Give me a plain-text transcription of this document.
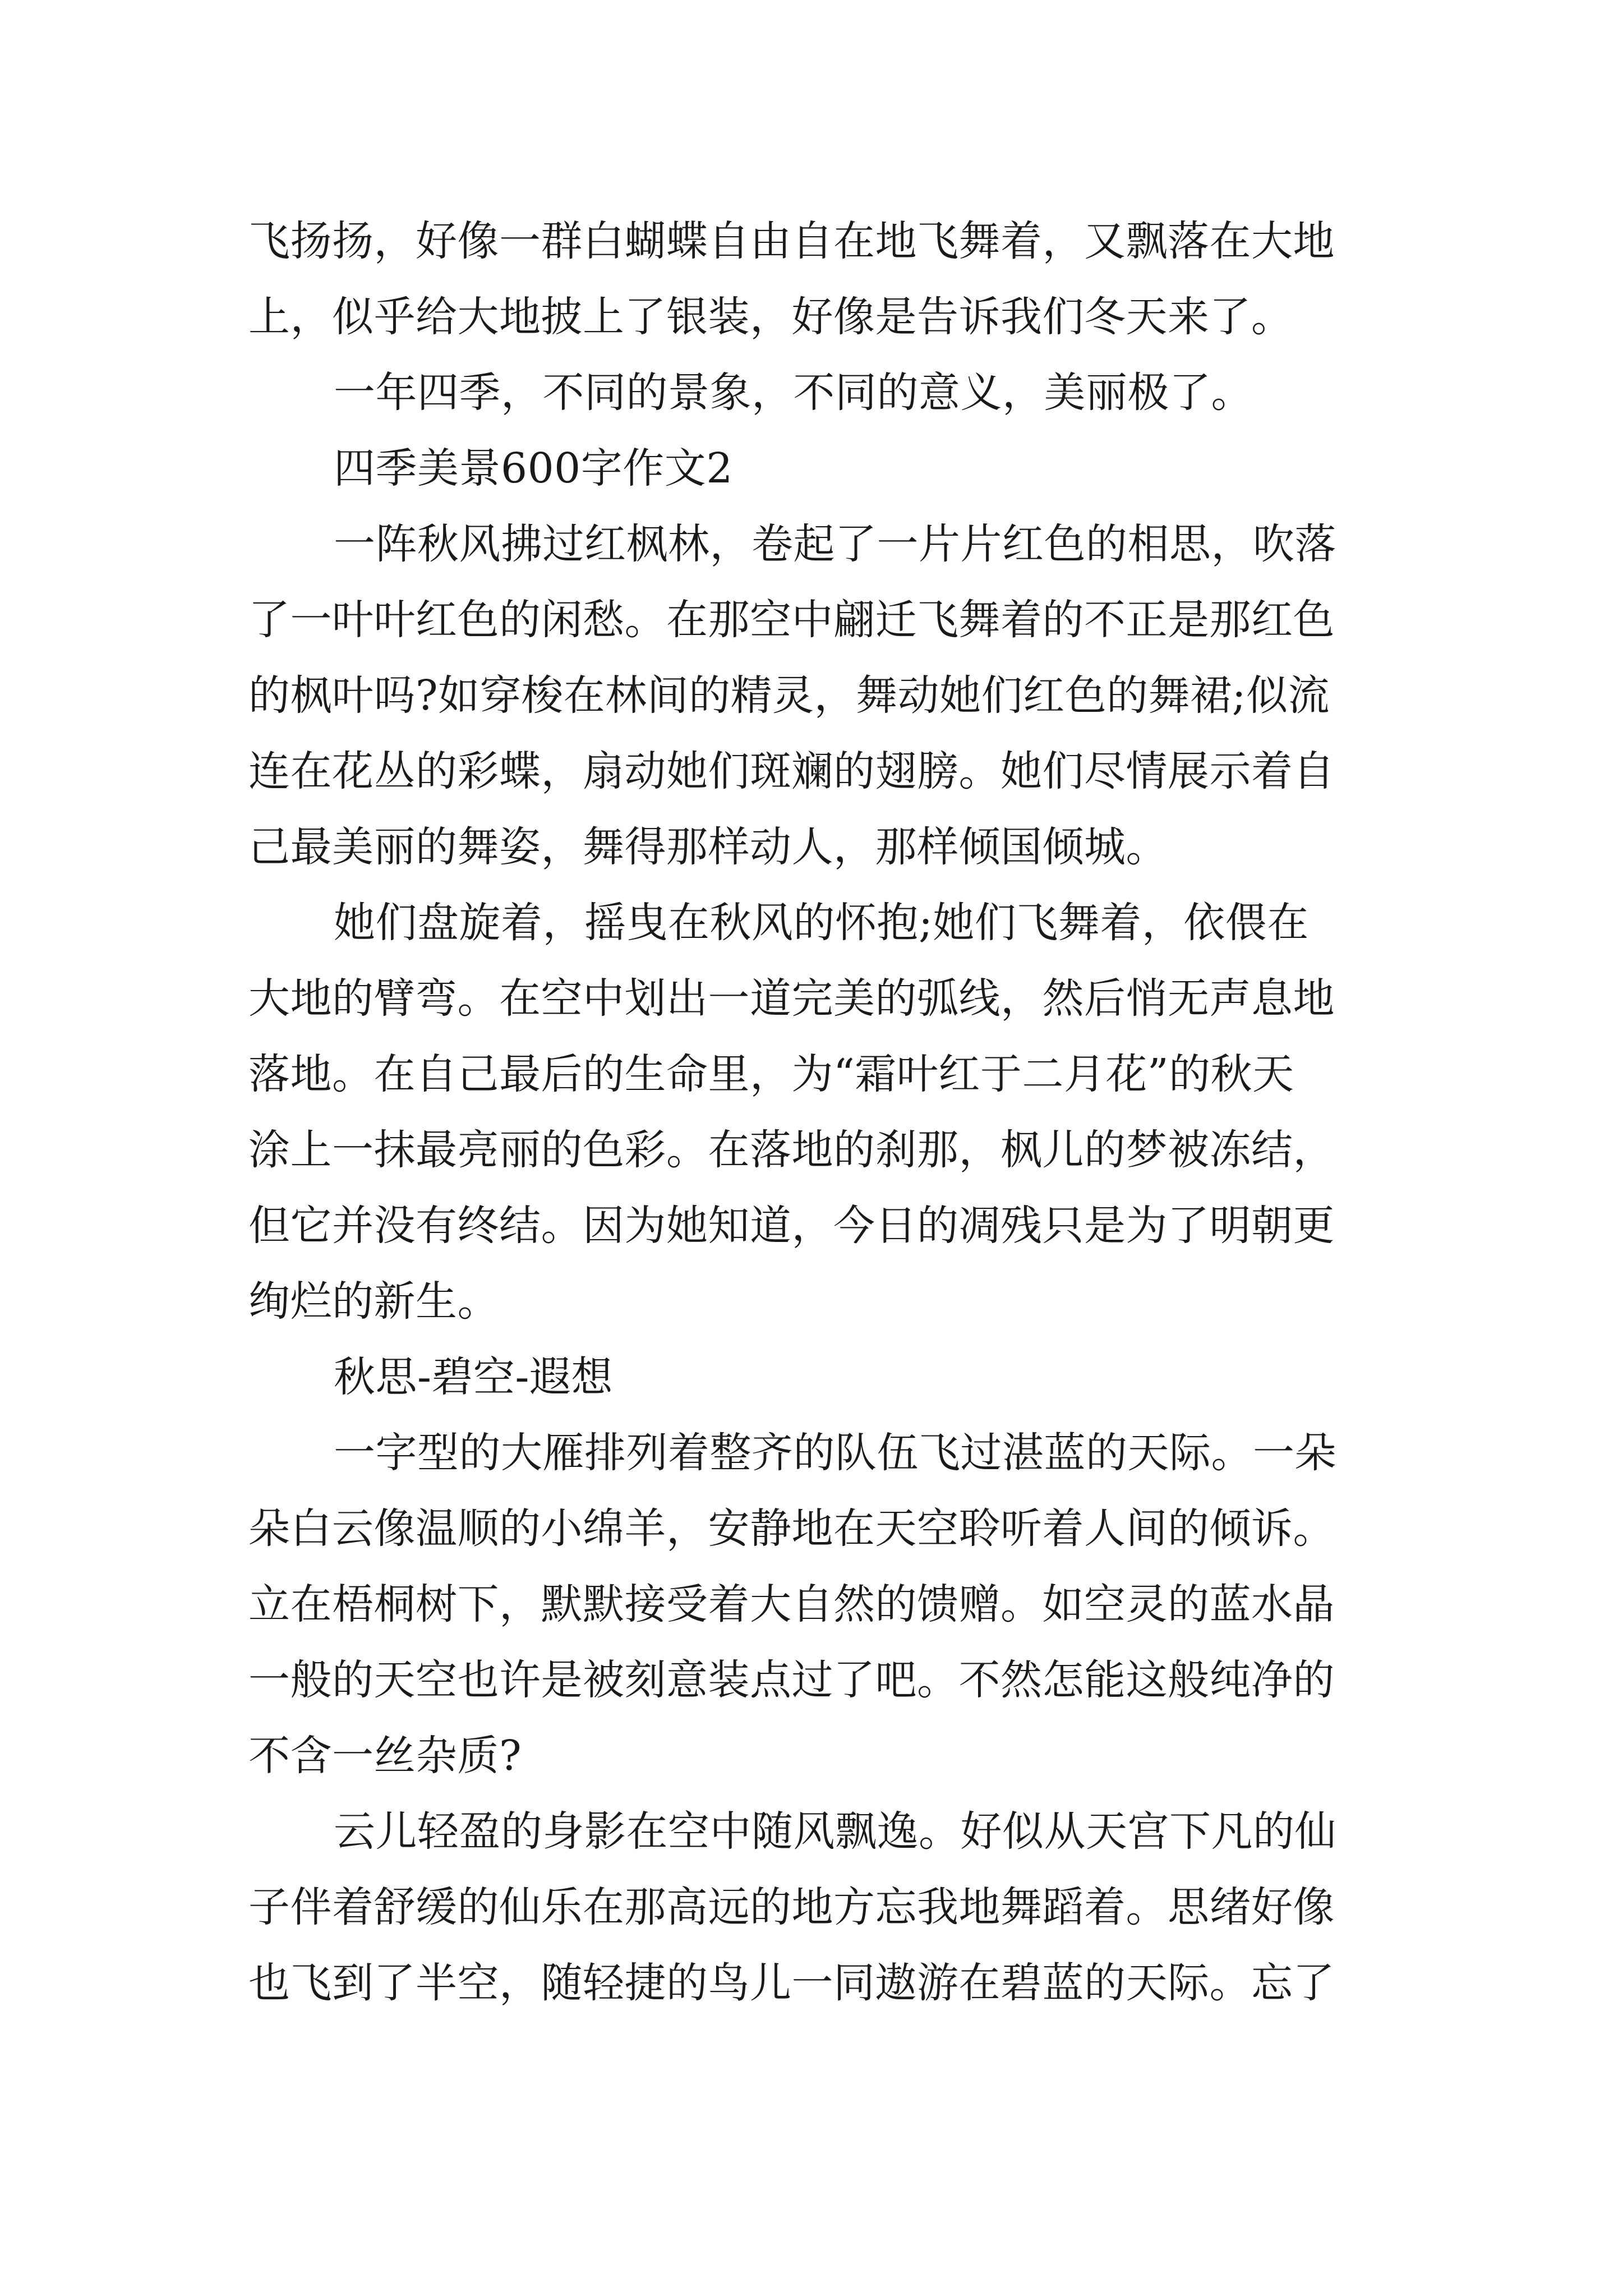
飞扬扬，好像一群白蝴蝶自由自在地飞舞着，又飘落在大地
上，似乎给大地披上了银装，好像是告诉我们冬天来了。
一年四季，不同的景象，不同的意义，美丽极了。
四季美景600字作文2
一阵秋风拂过红枫林，卷起了一片片红色的相思，吹落
了一叶叶红色的闲愁。在那空中翩迁飞舞着的不正是那红色
的枫叶吗?如穿梭在林间的精灵，舞动她们红色的舞裙;似流
连在花丛的彩蝶，扇动她们斑斓的翅膀。她们尽情展示着自
己最美丽的舞姿，舞得那样动人，那样倾国倾城。
她们盘旋着，摇曳在秋风的怀抱;她们飞舞着，依偎在
大地的臂弯。在空中划出一道完美的弧线，然后悄无声息地
落地。在自己最后的生命里，为“霜叶红于二月花”的秋天
涂上一抹最亮丽的色彩。在落地的刹那，枫儿的梦被冻结，
但它并没有终结。因为她知道，今日的凋残只是为了明朝更
绚烂的新生。
秋思-碧空-遐想
一字型的大雁排列着整齐的队伍飞过湛蓝的天际。一朵
朵白云像温顺的小绵羊，安静地在天空聆听着人间的倾诉。
立在梧桐树下，默默接受着大自然的馈赠。如空灵的蓝水晶
一般的天空也许是被刻意装点过了吧。不然怎能这般纯净的
不含一丝杂质?
云儿轻盈的身影在空中随风飘逸。好似从天宫下凡的仙
子伴着舒缓的仙乐在那高远的地方忘我地舞蹈着。思绪好像
也飞到了半空，随轻捷的鸟儿一同遨游在碧蓝的天际。忘了
